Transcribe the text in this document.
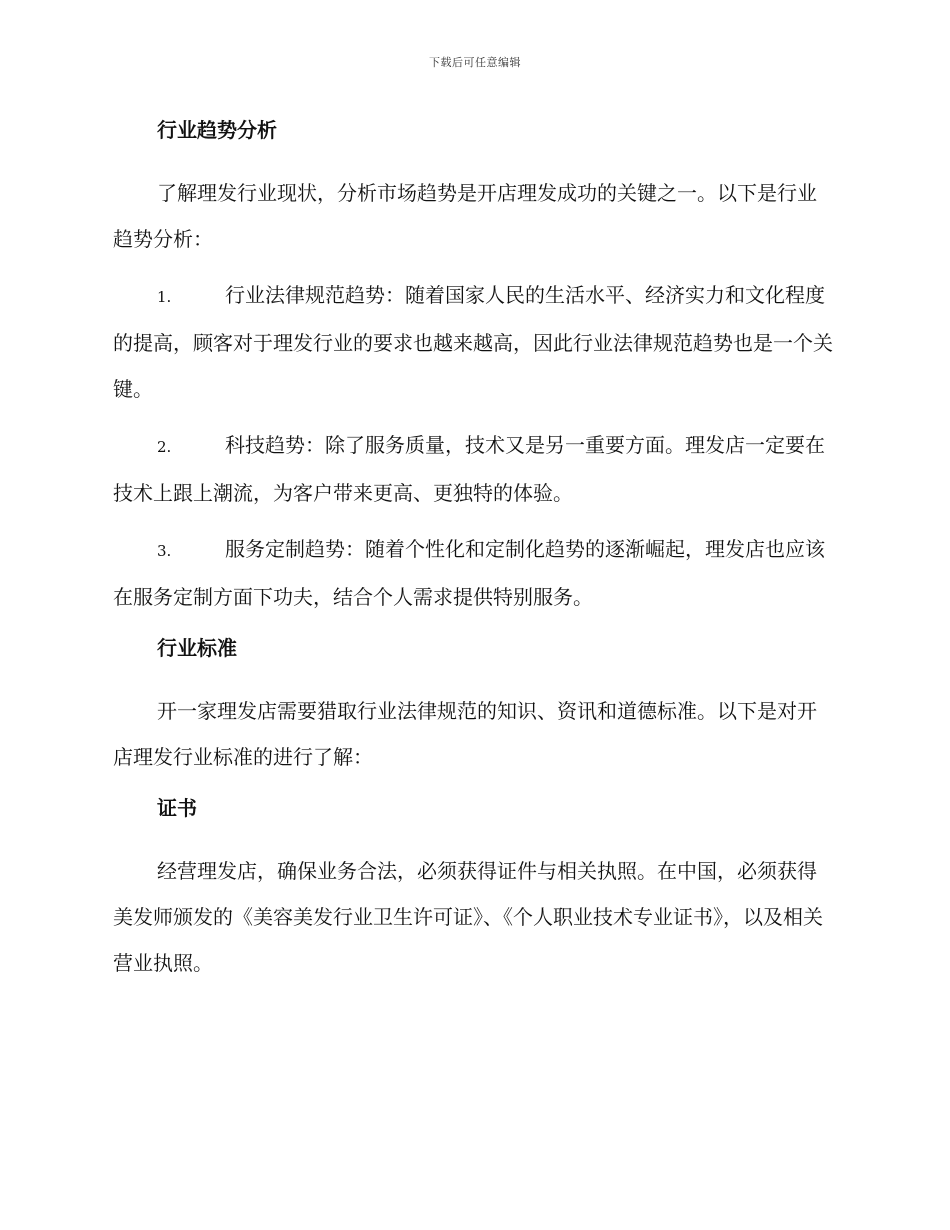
下载后可任意编辑
行业趋势分析

了解理发行业现状，分析市场趋势是开店理发成功的关键之一。以下是行业趋势分析：

1.	行业法律规范趋势：随着国家人民的生活水平、经济实力和文化程度的提高，顾客对于理发行业的要求也越来越高，因此行业法律规范趋势也是一个关键。
2.	科技趋势：除了服务质量，技术又是另一重要方面。理发店一定要在技术上跟上潮流，为客户带来更高、更独特的体验。
3.	服务定制趋势：随着个性化和定制化趋势的逐渐崛起，理发店也应该在服务定制方面下功夫，结合个人需求提供特别服务。
行业标准

开一家理发店需要猎取行业法律规范的知识、资讯和道德标准。以下是对开店理发行业标准的进行了解：

证书

经营理发店，确保业务合法，必须获得证件与相关执照。在中国，必须获得美发师颁发的《美容美发行业卫生许可证》、《个人职业技术专业证书》，以及相关营业执照。
